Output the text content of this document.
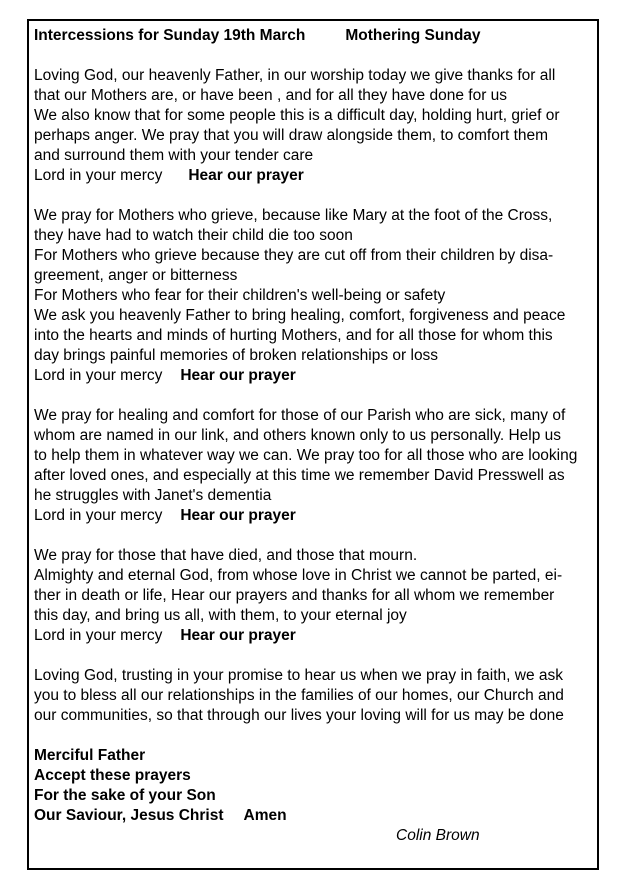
Intercessions for Sunday 19th March	Mothering Sunday
Loving God, our heavenly Father, in our worship today we give thanks for all
that our Mothers are, or have been , and for all they have done for us
We also know that for some people this is a difficult day, holding hurt, grief or
perhaps anger. We pray that you will draw alongside them, to comfort them
and surround them with your tender care
Lord in your mercy Hear our prayer
We pray for Mothers who grieve, because like Mary at the foot of the Cross,
they have had to watch their child die too soon
For Mothers who grieve because they are cut off from their children by disa-
greement, anger or bitterness
For Mothers who fear for their children's well-being or safety
We ask you heavenly Father to bring healing, comfort, forgiveness and peace
into the hearts and minds of hurting Mothers, and for all those for whom this
day brings painful memories of broken relationships or loss
Lord in your mercy Hear our prayer
We pray for healing and comfort for those of our Parish who are sick, many of
whom are named in our link, and others known only to us personally. Help us
to help them in whatever way we can. We pray too for all those who are looking
after loved ones, and especially at this time we remember David Presswell as
he struggles with Janet's dementia
Lord in your mercy Hear our prayer
We pray for those that have died, and those that mourn.
Almighty and eternal God, from whose love in Christ we cannot be parted, ei-
ther in death or life, Hear our prayers and thanks for all whom we remember
this day, and bring us all, with them, to your eternal joy
Lord in your mercy Hear our prayer
Loving God, trusting in your promise to hear us when we pray in faith, we ask
you to bless all our relationships in the families of our homes, our Church and
our communities, so that through our lives your loving will for us may be done
Merciful Father
Accept these prayers
For the sake of your Son
Our Saviour, Jesus Christ Amen
Colin Brown
